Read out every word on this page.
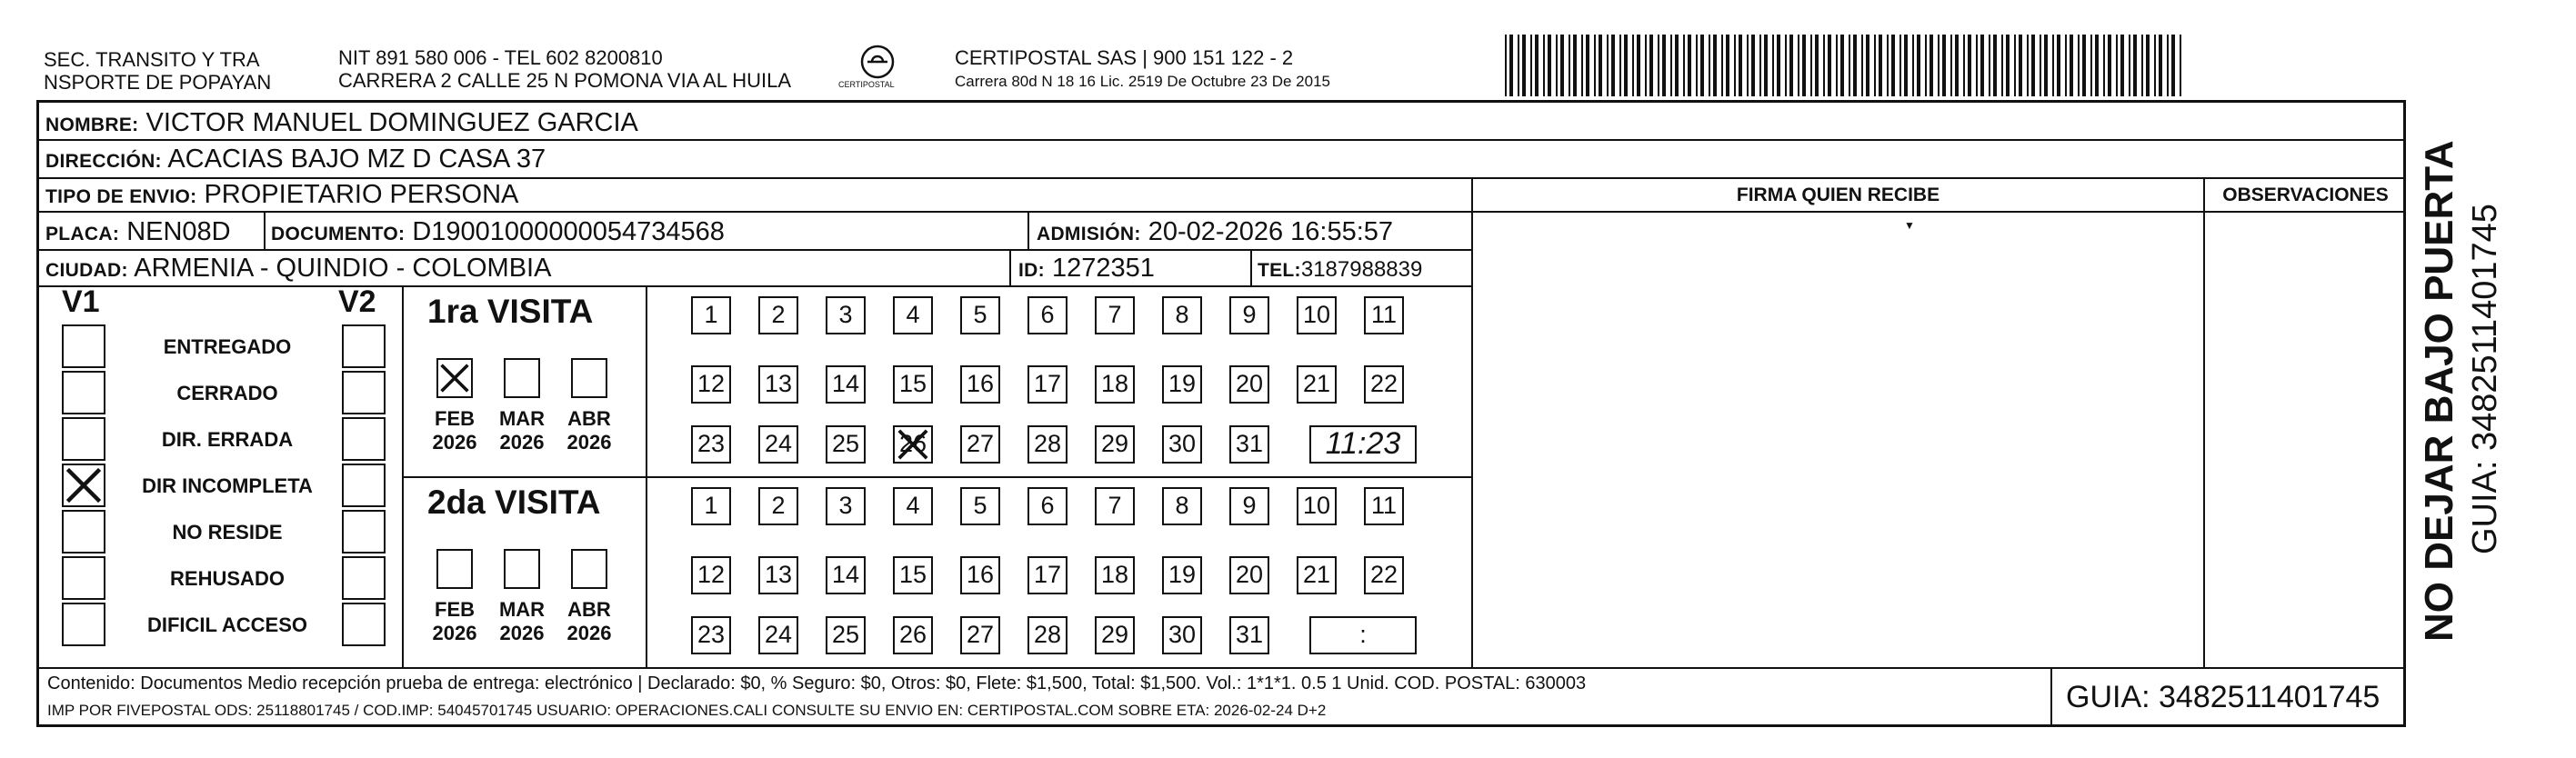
SEC. TRANSITO Y TRA
NSPORTE DE POPAYAN
NIT 891 580 006 - TEL 602 8200810
CARRERA 2 CALLE 25 N POMONA VIA AL HUILA	CERTIPOSTAL
CERTIPOSTAL SAS | 900 151 122 - 2
Carrera 80d N 18 16 Lic. 2519 De Octubre 23 De 2015
NOMBRE: VICTOR MANUEL DOMINGUEZ GARCIA
DIRECCIÓN: ACACIAS BAJO MZ D CASA 37
TIPO DE ENVIO: PROPIETARIO PERSONA
PLACA: NEN08D DOCUMENTO: D19001000000054734568	ADMISIÓN: 20-02-2026 16:55:57
CIUDAD: ARMENIA - QUINDIO - COLOMBIA	ID: 1272351	TEL:3187988839
FIRMA QUIEN RECIBE	OBSERVACIONES
▼
V1	V2
ENTREGADO
CERRADO
DIR. ERRADA
DIR INCOMPLETA
NO RESIDE
REHUSADO
DIFICIL ACCESO
1ra VISITA
FEB
2026
MAR
2026
ABR
2026
1	2	3	4	5	6	7	8	9	10 11
12 13 14 15 16 17 18 19 20 21 22
23 24 25 26 27 28 29 30 31	11:23
2da VISITA
FEB
2026
MAR
2026
ABR
2026
1	2	3	4	5	6	7	8	9	10 11
12 13 14 15 16 17 18 19 20 21 22
23 24 25 26 27 28 29 30 31	:
Contenido: Documentos Medio recepción prueba de entrega: electrónico | Declarado: $0, % Seguro: $0, Otros: $0, Flete: $1,500, Total: $1,500. Vol.: 1*1*1. 0.5 1 Unid. COD. POSTAL: 630003
IMP POR FIVEPOSTAL ODS: 25118801745 / COD.IMP: 54045701745 USUARIO: OPERACIONES.CALI CONSULTE SU ENVIO EN: CERTIPOSTAL.COM SOBRE ETA: 2026-02-24 D+2	GUIA: 3482511401745
NO DEJAR BAJO PUERTA GUIA: 3482511401745
